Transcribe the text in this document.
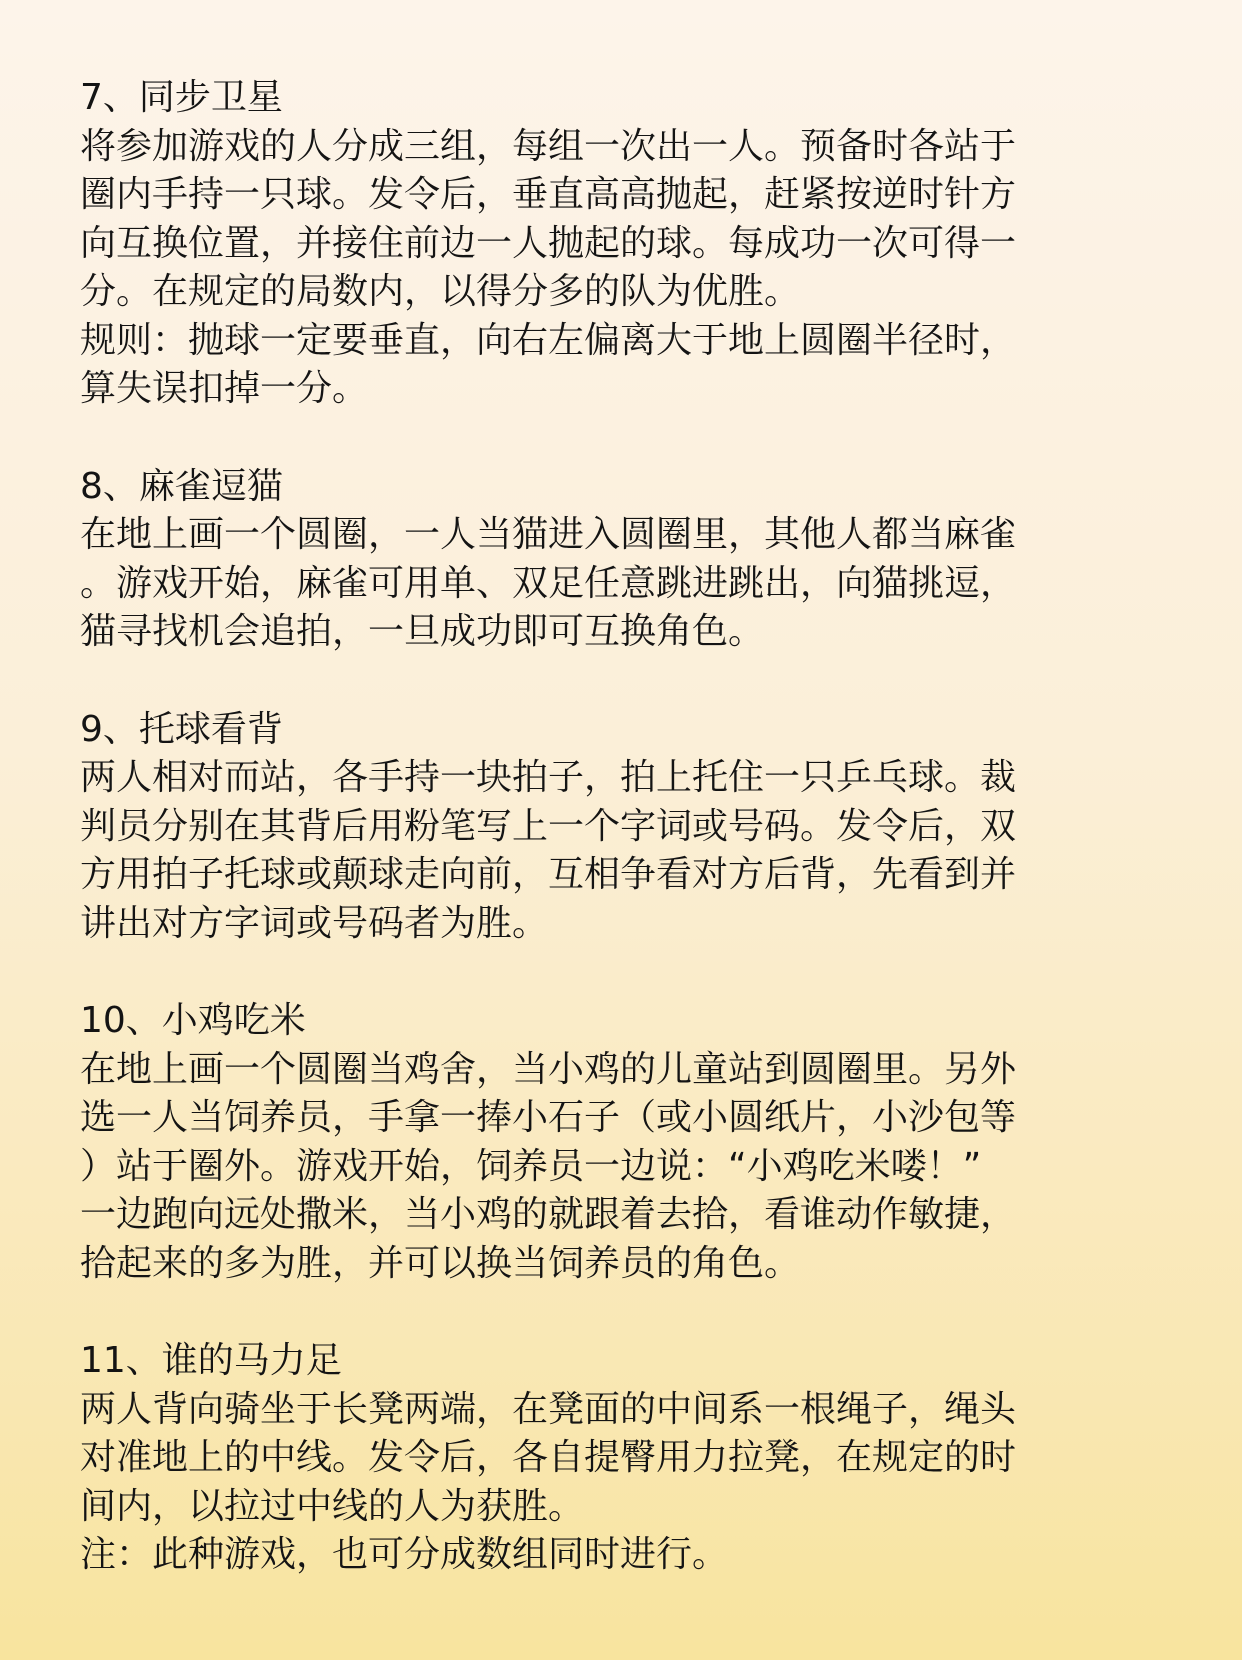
7、同步卫星
将参加游戏的人分成三组，每组一次出一人。预备时各站于
圈内手持一只球。发令后，垂直高高抛起，赶紧按逆时针方
向互换位置，并接住前边一人抛起的球。每成功一次可得一
分。在规定的局数内，以得分多的队为优胜。
规则：抛球一定要垂直，向右左偏离大于地上圆圈半径时，
算失误扣掉一分。
8、麻雀逗猫
在地上画一个圆圈，一人当猫进入圆圈里，其他人都当麻雀
。游戏开始，麻雀可用单、双足任意跳进跳出，向猫挑逗，
猫寻找机会追拍，一旦成功即可互换角色。
9、托球看背
两人相对而站，各手持一块拍子，拍上托住一只乒乓球。裁
判员分别在其背后用粉笔写上一个字词或号码。发令后，双
方用拍子托球或颠球走向前，互相争看对方后背，先看到并
讲出对方字词或号码者为胜。
10、小鸡吃米
在地上画一个圆圈当鸡舍，当小鸡的儿童站到圆圈里。另外
选一人当饲养员，手拿一捧小石子（或小圆纸片，小沙包等
）站于圈外。游戏开始，饲养员一边说：“小鸡吃米喽！”
一边跑向远处撒米，当小鸡的就跟着去拾，看谁动作敏捷，
拾起来的多为胜，并可以换当饲养员的角色。
11、谁的马力足
两人背向骑坐于长凳两端，在凳面的中间系一根绳子，绳头
对准地上的中线。发令后，各自提臀用力拉凳，在规定的时
间内，以拉过中线的人为获胜。
注：此种游戏，也可分成数组同时进行。
